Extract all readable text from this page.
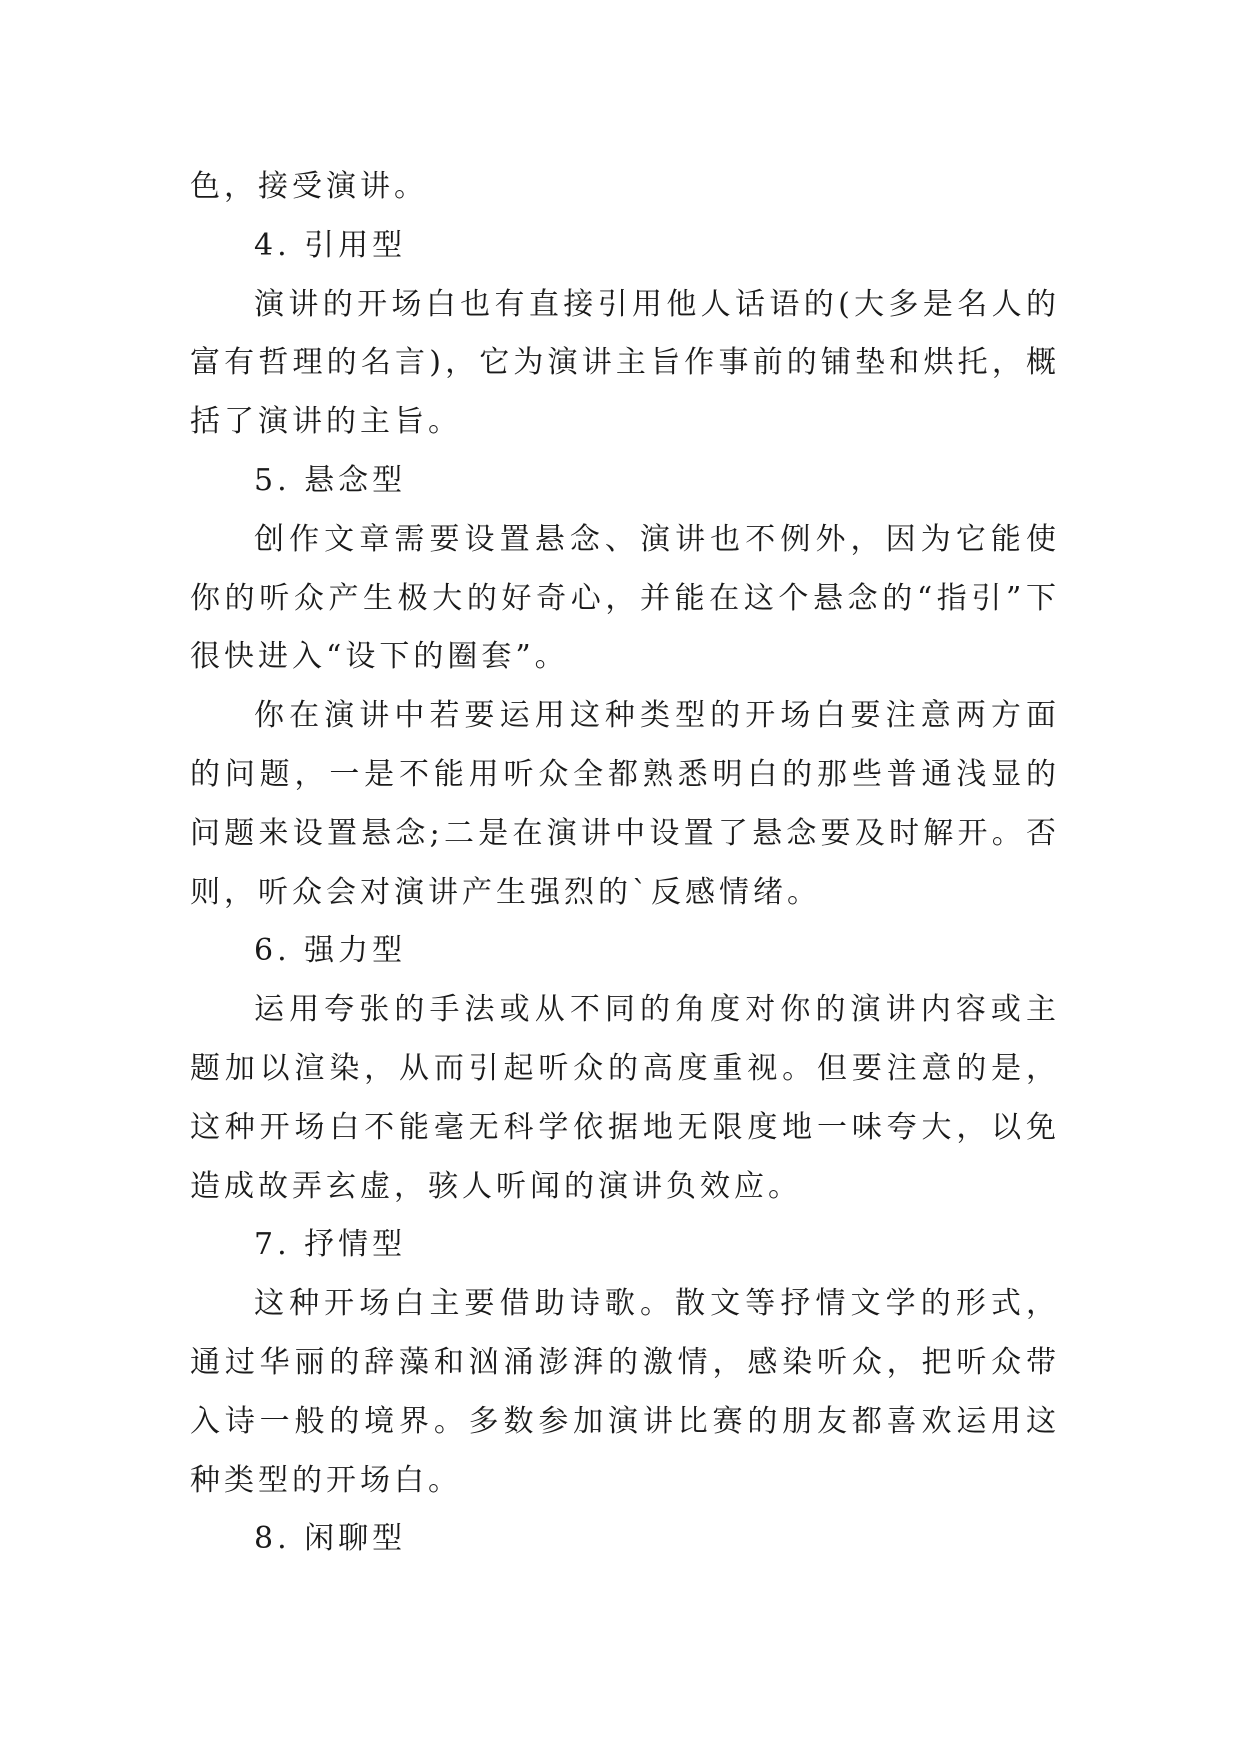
色，接受演讲。

4. 引用型

演讲的开场白也有直接引用他人话语的(大多是名人的富有哲理的名言)，它为演讲主旨作事前的铺垫和烘托，概括了演讲的主旨。

5. 悬念型

创作文章需要设置悬念、演讲也不例外，因为它能使你的听众产生极大的好奇心，并能在这个悬念的“指引”下很快进入“设下的圈套”。

你在演讲中若要运用这种类型的开场白要注意两方面的问题，一是不能用听众全都熟悉明白的那些普通浅显的问题来设置悬念;二是在演讲中设置了悬念要及时解开。否则，听众会对演讲产生强烈的`反感情绪。

6. 强力型

运用夸张的手法或从不同的角度对你的演讲内容或主题加以渲染，从而引起听众的高度重视。但要注意的是，这种开场白不能毫无科学依据地无限度地一味夸大，以免造成故弄玄虚，骇人听闻的演讲负效应。

7. 抒情型

这种开场白主要借助诗歌。散文等抒情文学的形式，通过华丽的辞藻和汹涌澎湃的激情，感染听众，把听众带入诗一般的境界。多数参加演讲比赛的朋友都喜欢运用这种类型的开场白。

8. 闲聊型
